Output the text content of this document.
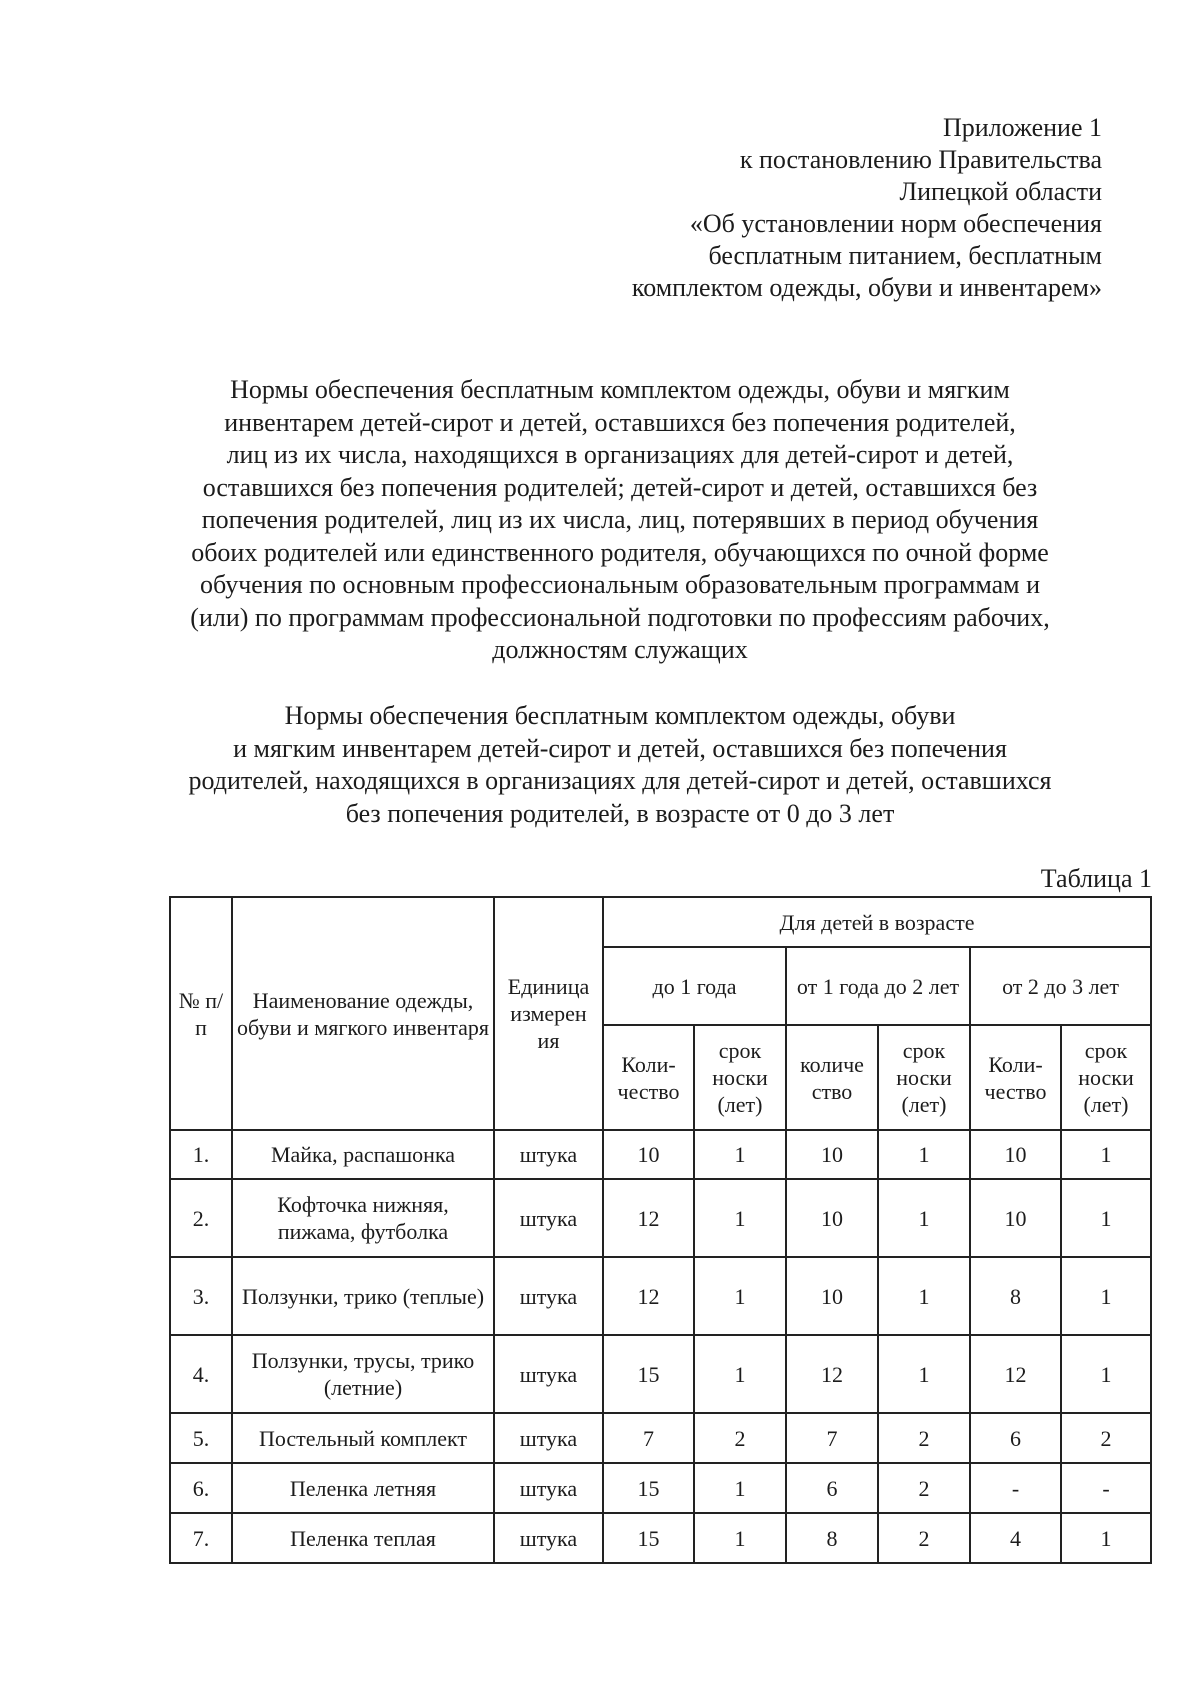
Приложение 1
к постановлению Правительства
Липецкой области
«Об установлении норм обеспечения
бесплатным питанием, бесплатным
комплектом одежды, обуви и инвентарем»
Нормы обеспечения бесплатным комплектом одежды, обуви и мягким
инвентарем детей-сирот и детей, оставшихся без попечения родителей,
лиц из их числа, находящихся в организациях для детей-сирот и детей,
оставшихся без попечения родителей; детей-сирот и детей, оставшихся без
попечения родителей, лиц из их числа, лиц, потерявших в период обучения
обоих родителей или единственного родителя, обучающихся по очной форме
обучения по основным профессиональным образовательным программам и
(или) по программам профессиональной подготовки по профессиям рабочих,
должностям служащих
Нормы обеспечения бесплатным комплектом одежды, обуви
и мягким инвентарем детей-сирот и детей, оставшихся без попечения
родителей, находящихся в организациях для детей-сирот и детей, оставшихся
без попечения родителей, в возрасте от 0 до 3 лет
Таблица 1
№ п/п	Наименование одежды, обуви и мягкого инвентаря	Единица измерен ия	Для детей в возрасте					
			до 1 года		от 1 года до 2 лет		от 2 до 3 лет	
			Коли- чество	срок носки (лет)	количе ство	срок носки (лет)	Коли- чество	срок носки (лет)
1.	Майка, распашонка	штука	10	1	10	1	10	1
2.	Кофточка нижняя, пижама, футболка	штука	12	1	10	1	10	1
3.	Ползунки, трико (теплые)	штука	12	1	10	1	8	1
4.	Ползунки, трусы, трико (летние)	штука	15	1	12	1	12	1
5.	Постельный комплект	штука	7	2	7	2	6	2
6.	Пеленка летняя	штука	15	1	6	2	-	-
7.	Пеленка теплая	штука	15	1	8	2	4	1
